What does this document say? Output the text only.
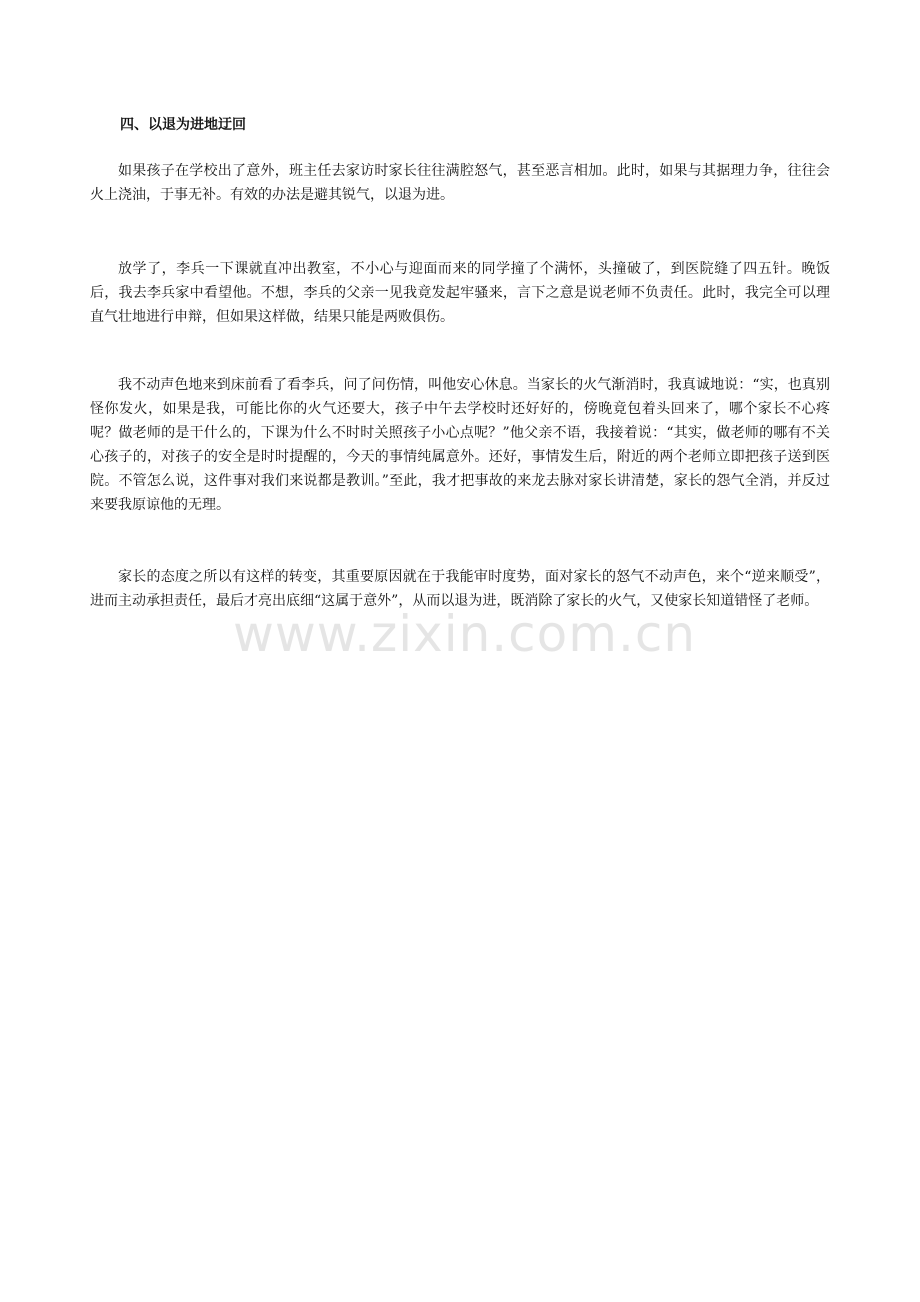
四、以退为进地迂回

如果孩子在学校出了意外，班主任去家访时家长往往满腔怒气，甚至恶言相加。此时，如果与其据理力争，往往会火上浇油，于事无补。有效的办法是避其锐气，以退为进。

放学了，李兵一下课就直冲出教室，不小心与迎面而来的同学撞了个满怀，头撞破了，到医院缝了四五针。晚饭后，我去李兵家中看望他。不想，李兵的父亲一见我竟发起牢骚来，言下之意是说老师不负责任。此时，我完全可以理直气壮地进行申辩，但如果这样做，结果只能是两败俱伤。

我不动声色地来到床前看了看李兵，问了问伤情，叫他安心休息。当家长的火气渐消时，我真诚地说：“实，也真别怪你发火，如果是我，可能比你的火气还要大，孩子中午去学校时还好好的，傍晚竟包着头回来了，哪个家长不心疼呢？做老师的是干什么的，下课为什么不时时关照孩子小心点呢？”他父亲不语，我接着说：“其实，做老师的哪有不关心孩子的，对孩子的安全是时时提醒的，今天的事情纯属意外。还好，事情发生后，附近的两个老师立即把孩子送到医院。不管怎么说，这件事对我们来说都是教训。”至此，我才把事故的来龙去脉对家长讲清楚，家长的怨气全消，并反过来要我原谅他的无理。

家长的态度之所以有这样的转变，其重要原因就在于我能审时度势，面对家长的怒气不动声色，来个“逆来顺受”，进而主动承担责任，最后才亮出底细“这属于意外”，从而以退为进，既消除了家长的火气，又使家长知道错怪了老师。

www.zixin.com.cn
